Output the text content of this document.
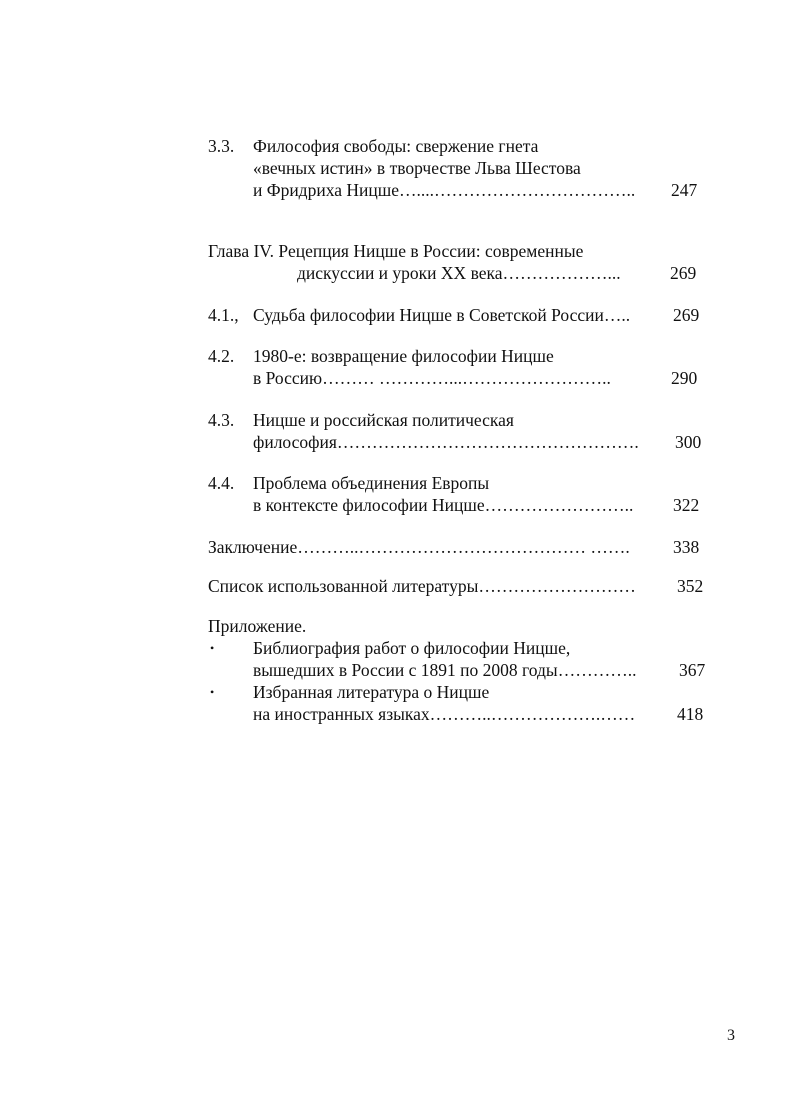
3.3. Философия свободы: свержение гнета
«вечных истин» в творчестве Льва Шестова
и Фридриха Ницше…....…………………………….. 247
Глава IV. Рецепция Ницше в России: современные
дискуссии и уроки XX века………………...	269
4.1., Судьба философии Ницше в Советской России….. 269
4.2. 1980-е: возвращение философии Ницше
в Россию……… …………...……………………..	290
4.3. Ницше и российская политическая
философия……………………………………………. 300
4.4. Проблема объединения Европы
в контексте философии Ницше…………………….. 322
Заключение………..………………………………… ……. 338
Список использованной литературы……………………… 352
Приложение.
• Библиография работ о философии Ницше,
вышедших в России с 1891 по 2008 годы………….. 367
• Избранная литература о Ницше
на иностранных языках………..……………….…… 418
3
